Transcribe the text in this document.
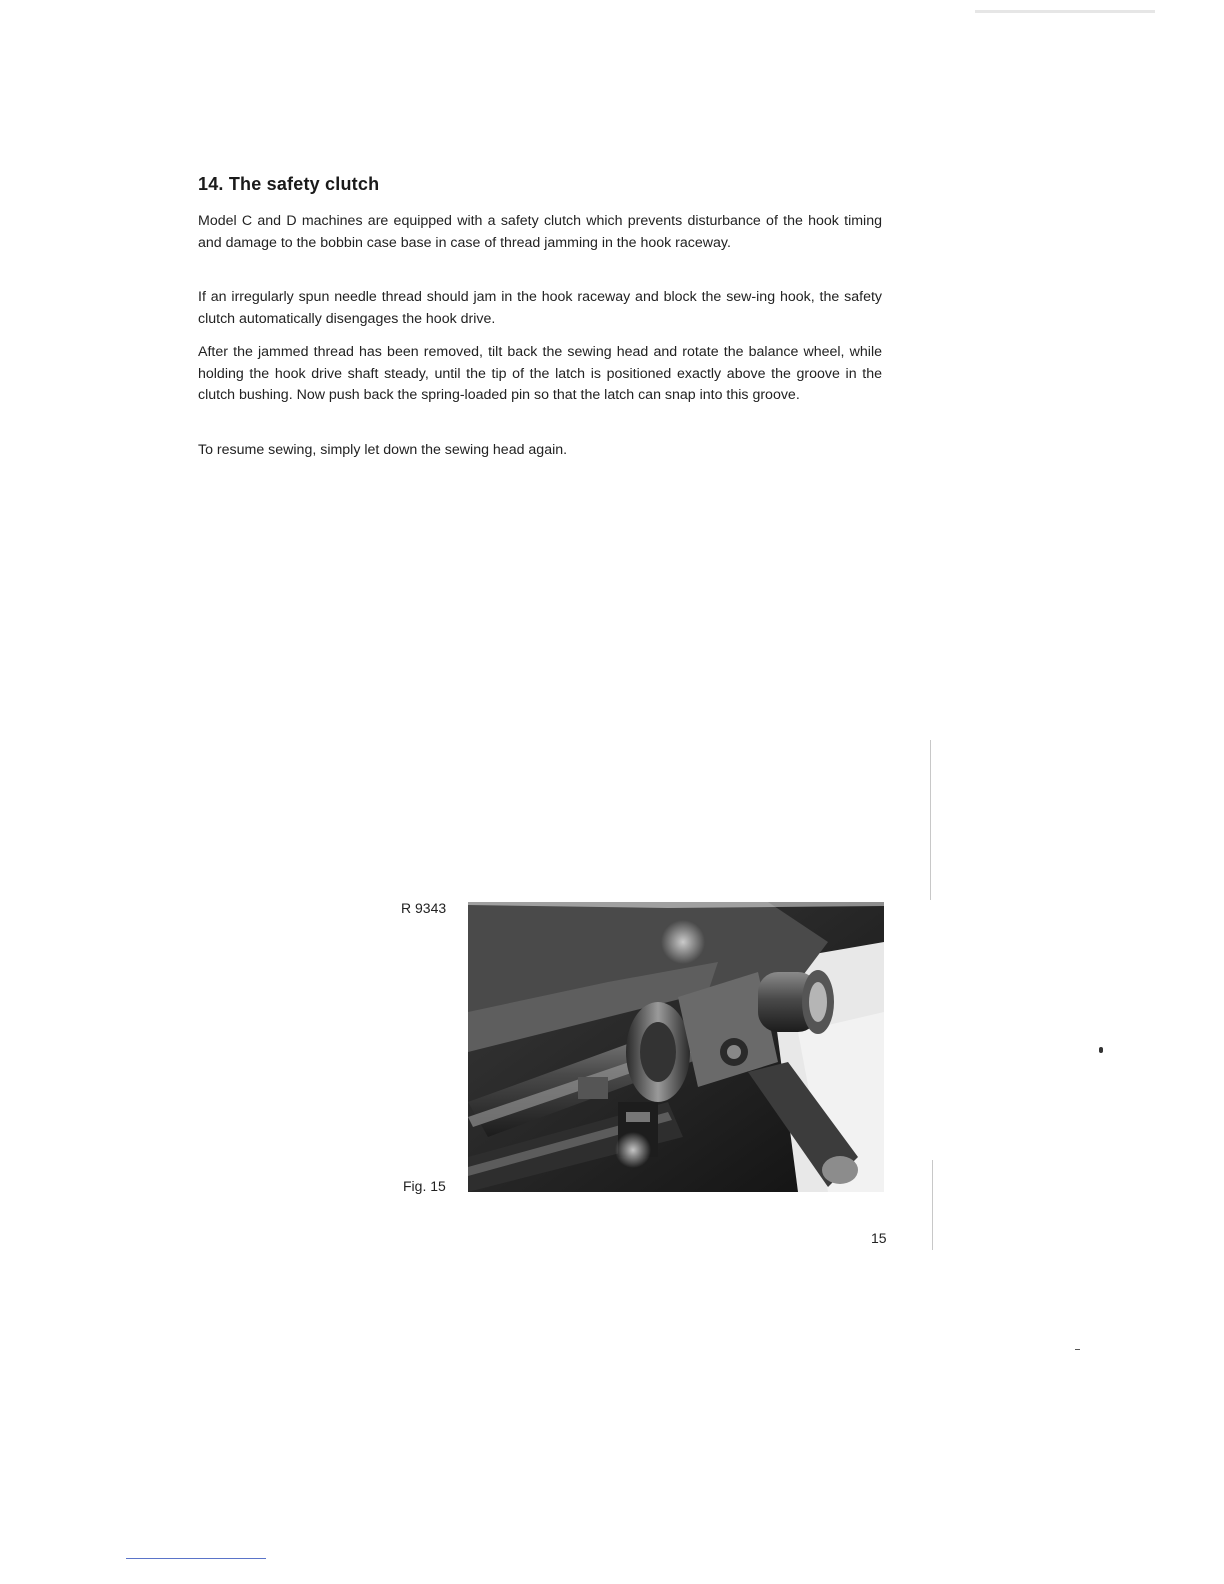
14. The safety clutch

Model C and D machines are equipped with a safety clutch which prevents disturbance of the hook timing and damage to the bobbin case base in case of thread jamming in the hook raceway.

If an irregularly spun needle thread should jam in the hook raceway and block the sew-ing hook, the safety clutch automatically disengages the hook drive.

After the jammed thread has been removed, tilt back the sewing head and rotate the balance wheel, while holding the hook drive shaft steady, until the tip of the latch is positioned exactly above the groove in the clutch bushing. Now push back the spring-loaded pin so that the latch can snap into this groove.

To resume sewing, simply let down the sewing head again.

R 9343
Fig. 15
15
